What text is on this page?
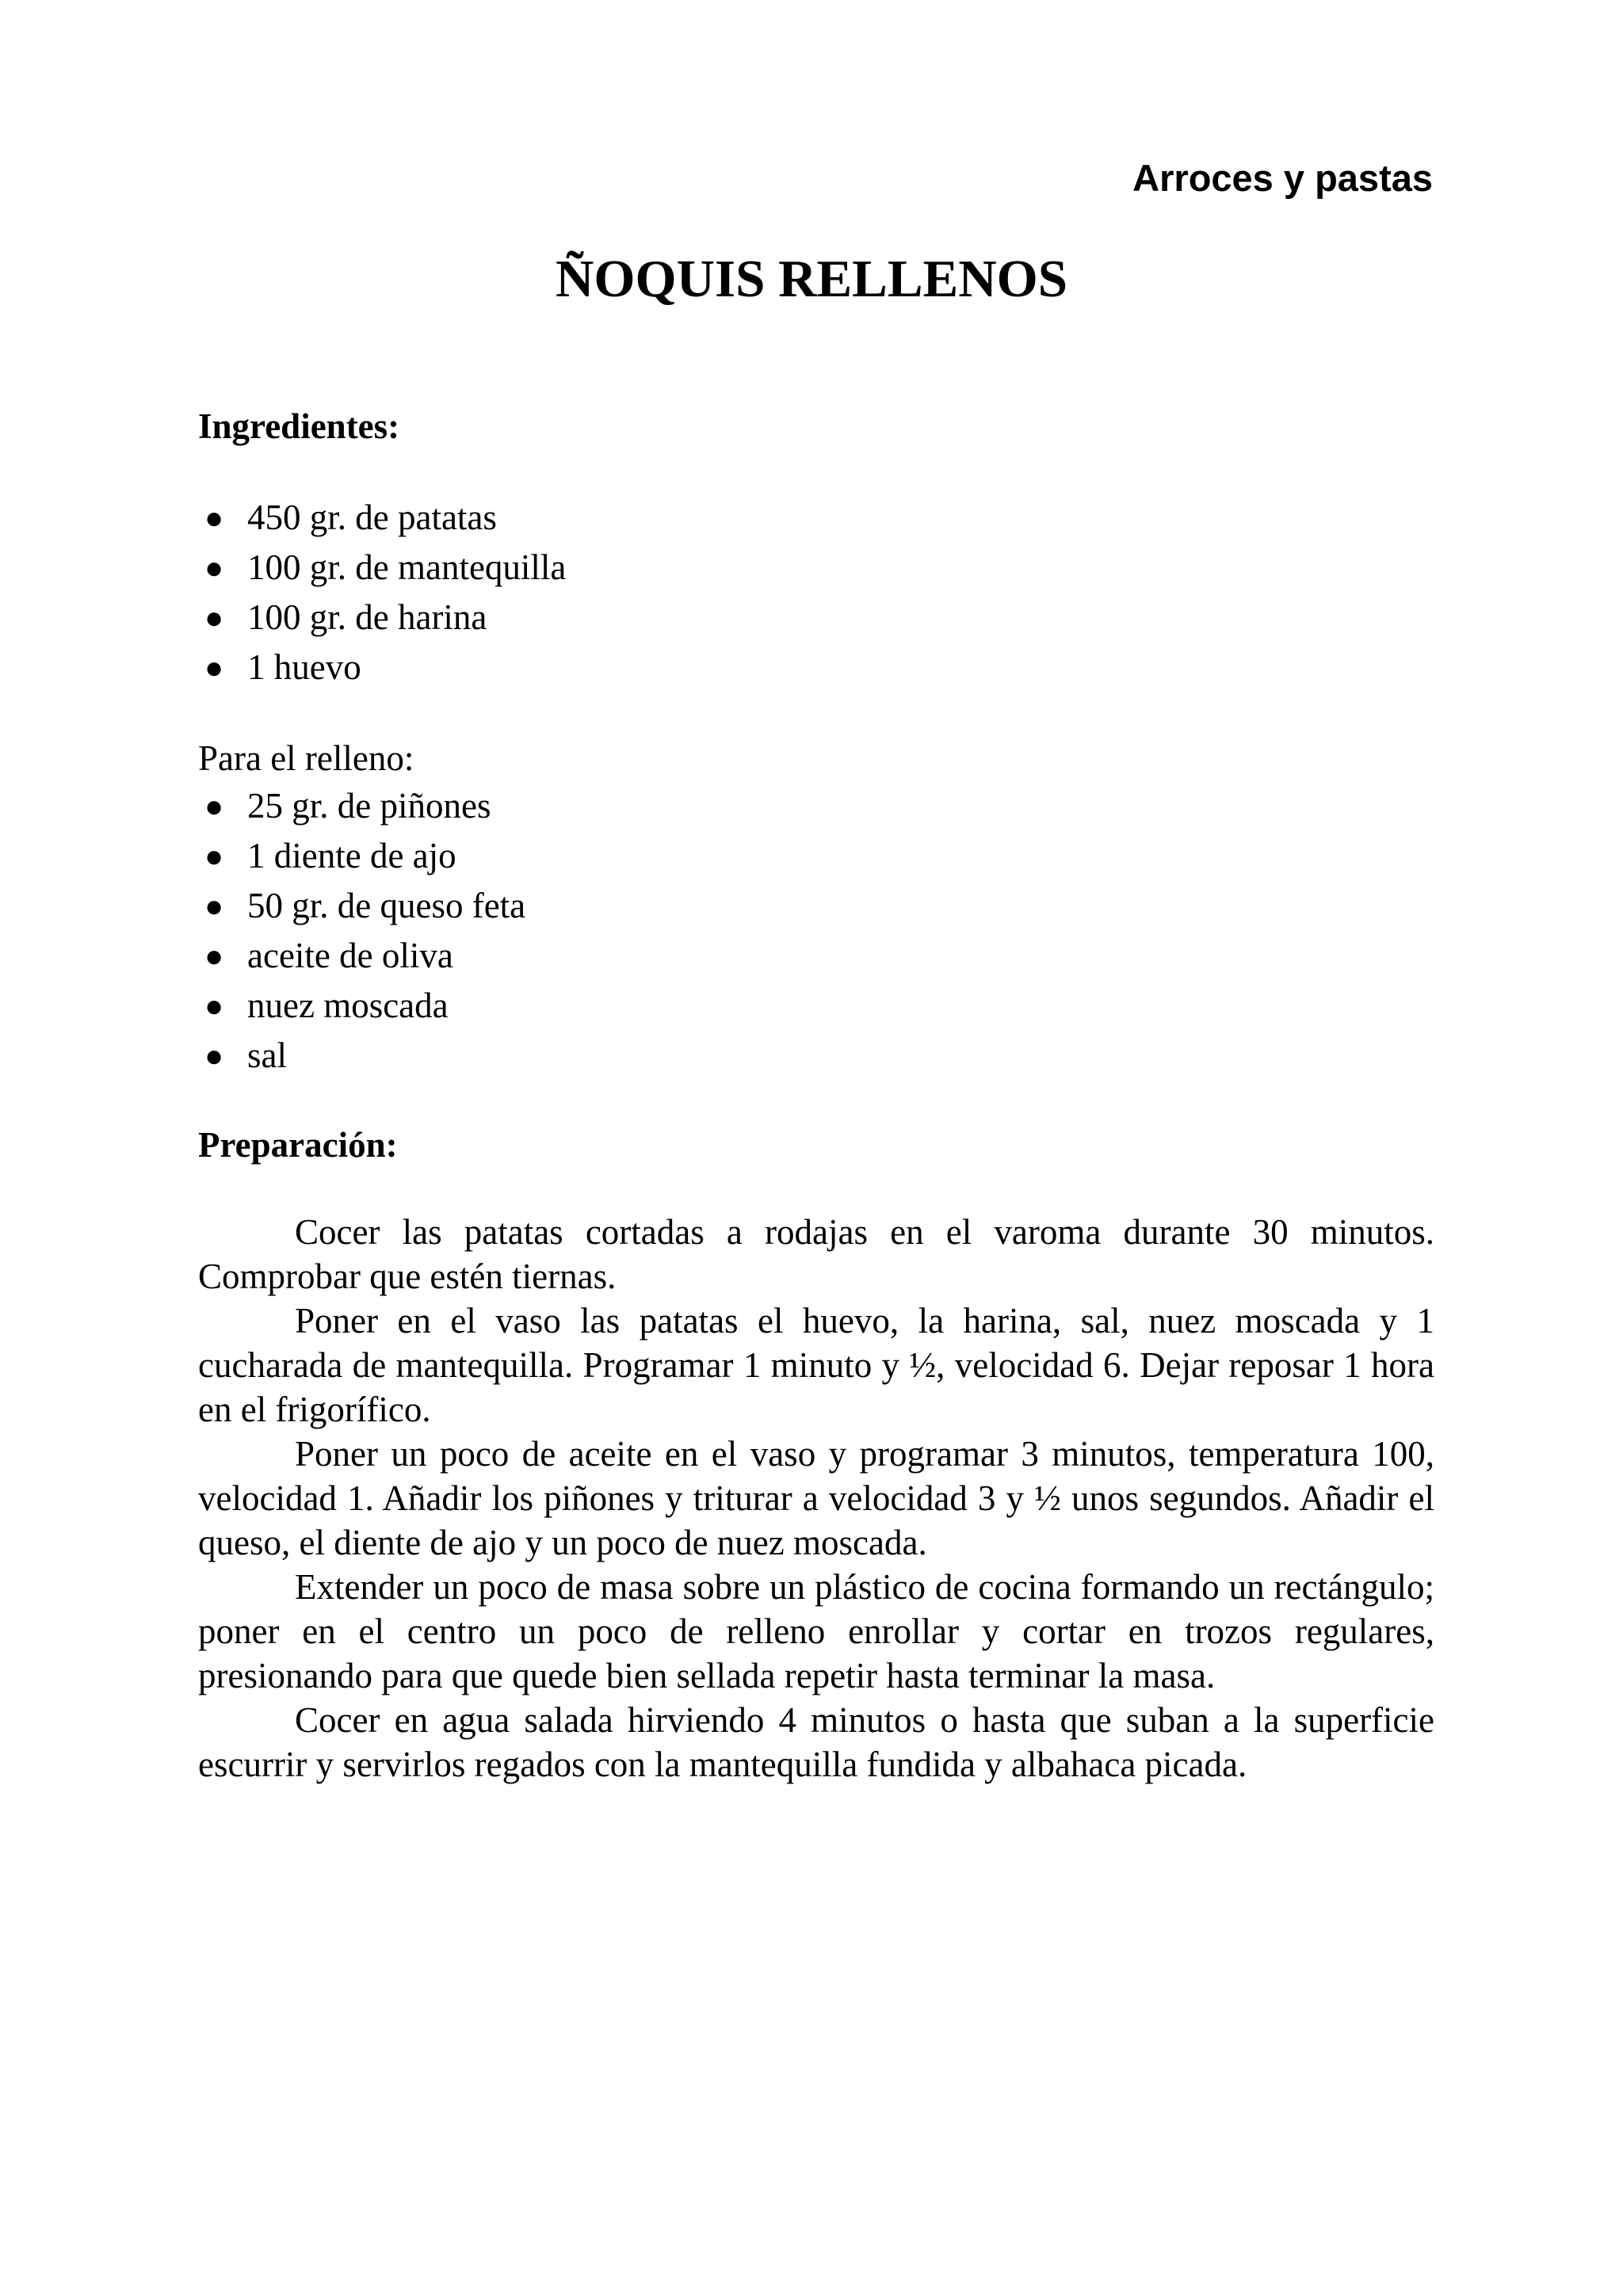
Arroces y pastas

ÑOQUIS RELLENOS

Ingredientes:

● 450 gr. de patatas
● 100 gr. de mantequilla
● 100 gr. de harina
● 1 huevo

Para el relleno:

● 25 gr. de piñones
● 1 diente de ajo
● 50 gr. de queso feta
● aceite de oliva
● nuez moscada
● sal

Preparación:

Cocer las patatas cortadas a rodajas en el varoma durante 30 minutos. Comprobar que estén tiernas.

Poner en el vaso las patatas el huevo, la harina, sal, nuez moscada y 1 cucharada de mantequilla. Programar 1 minuto y ½, velocidad 6. Dejar reposar 1 hora en el frigorífico.

Poner un poco de aceite en el vaso y programar 3 minutos, temperatura 100, velocidad 1. Añadir los piñones y triturar a velocidad 3 y ½ unos segundos. Añadir el queso, el diente de ajo y un poco de nuez moscada.

Extender un poco de masa sobre un plástico de cocina formando un rectángulo; poner en el centro un poco de relleno enrollar y cortar en trozos regulares, presionando para que quede bien sellada repetir hasta terminar la masa.

Cocer en agua salada hirviendo 4 minutos o hasta que suban a la superficie escurrir y servirlos regados con la mantequilla fundida y albahaca picada.
